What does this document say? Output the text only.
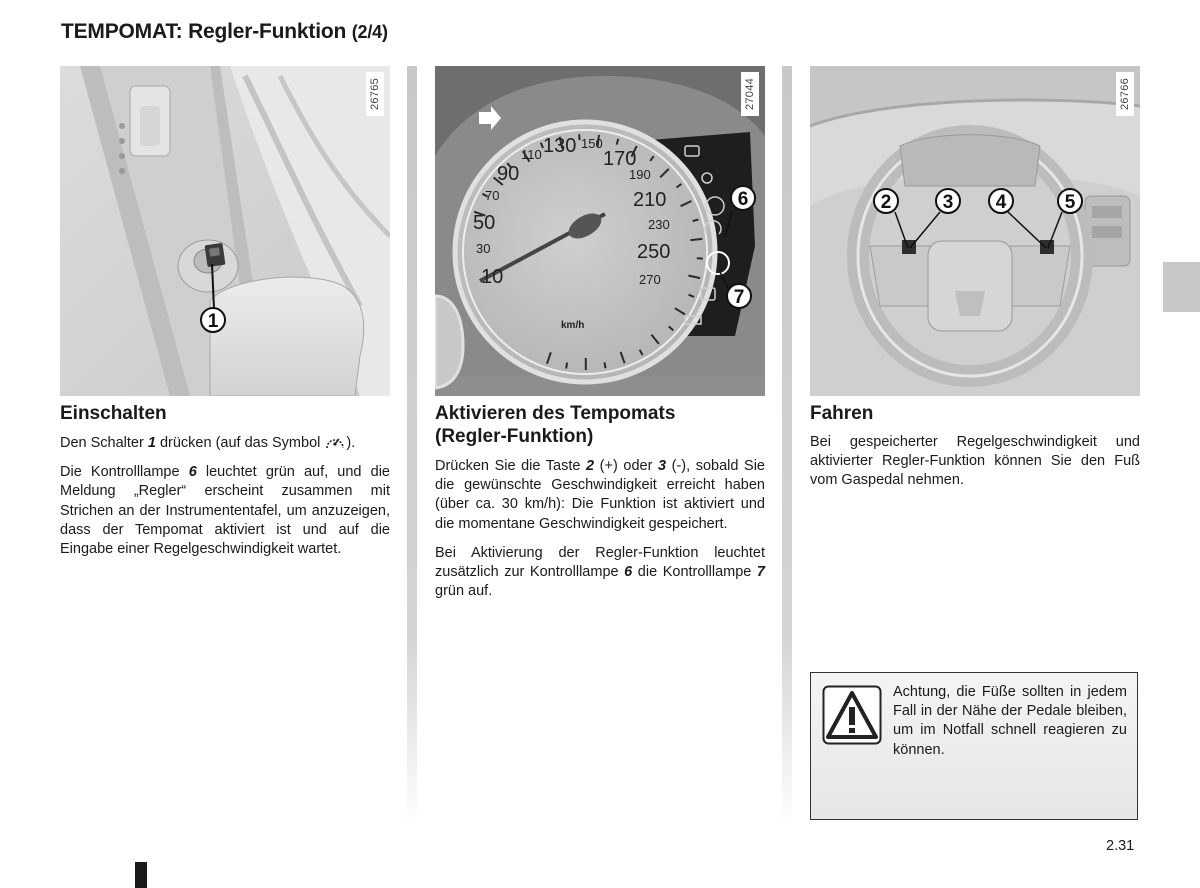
TEMPOMAT: Regler-Funktion (2/4)
1
26765
10
30
50
70
90
110 130 150
170
190
210
230
250
270
km/h
6
7
27044
2	3 4	5
26766
Einschalten

Den Schalter 1 drücken (auf das Symbol ).

Die Kontrolllampe 6 leuchtet grün auf, und die Meldung „Regler“ erscheint zusammen mit Strichen an der Instrumententafel, um anzuzeigen, dass der Tempomat aktiviert ist und auf die Eingabe einer Regelgeschwindigkeit wartet.

Aktivieren des Tempomats
(Regler-Funktion)

Drücken Sie die Taste 2 (+) oder 3 (-), sobald Sie die gewünschte Geschwindigkeit erreicht haben (über ca. 30 km/h): Die Funktion ist aktiviert und die momentane Geschwindigkeit gespeichert.

Bei Aktivierung der Regler-Funktion leuchtet zusätzlich zur Kontrolllampe 6 die Kontrolllampe 7 grün auf.

Fahren

Bei gespeicherter Regelgeschwindigkeit und aktivierter Regler-Funktion können Sie den Fuß vom Gaspedal nehmen.

Achtung, die Füße sollten in jedem Fall in der Nähe der Pedale bleiben, um im Notfall schnell reagieren zu können.
2.31
